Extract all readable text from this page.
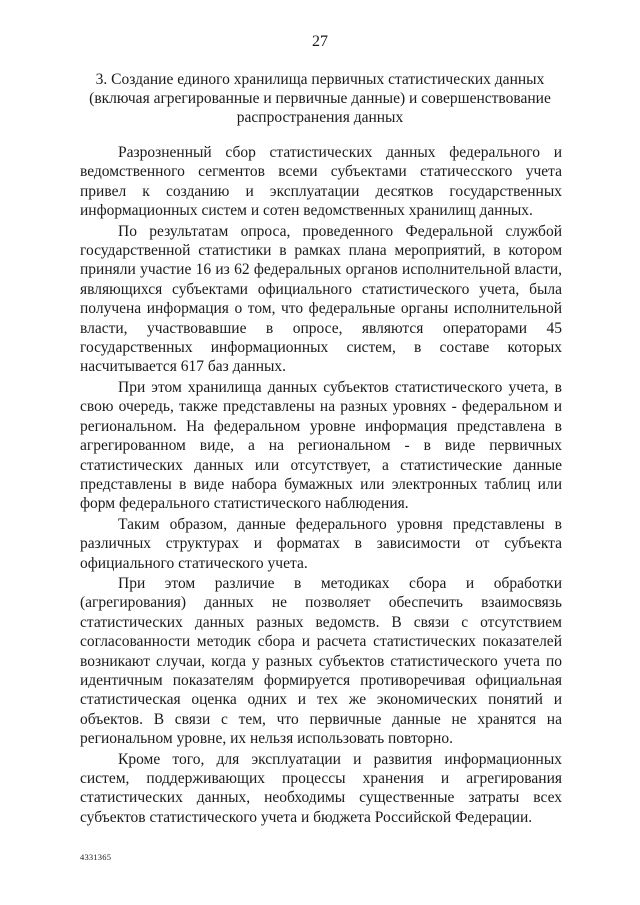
27
3. Создание единого хранилища первичных статистических данных (включая агрегированные и первичные данные) и совершенствование распространения данных

Разрозненный сбор статистических данных федерального и ведомственного сегментов всеми субъектами статичесского учета привел к созданию и эксплуатации десятков государственных информационных систем и сотен ведомственных хранилищ данных.

По результатам опроса, проведенного Федеральной службой государственной статистики в рамках плана мероприятий, в котором приняли участие 16 из 62 федеральных органов исполнительной власти, являющихся субъектами официального статистического учета, была получена информация о том, что федеральные органы исполнительной власти, участвовавшие в опросе, являются операторами 45 государственных информационных систем, в составе которых насчитывается 617 баз данных.

При этом хранилища данных субъектов статистического учета, в свою очередь, также представлены на разных уровнях - федеральном и региональном. На федеральном уровне информация представлена в агрегированном виде, а на региональном - в виде первичных статистических данных или отсутствует, а статистические данные представлены в виде набора бумажных или электронных таблиц или форм федерального статистического наблюдения.

Таким образом, данные федерального уровня представлены в различных структурах и форматах в зависимости от субъекта официального статического учета.

При этом различие в методиках сбора и обработки (агрегирования) данных не позволяет обеспечить взаимосвязь статистических данных разных ведомств. В связи с отсутствием согласованности методик сбора и расчета статистических показателей возникают случаи, когда у разных субъектов статистического учета по идентичным показателям формируется противоречивая официальная статистическая оценка одних и тех же экономических понятий и объектов. В связи с тем, что первичные данные не хранятся на региональном уровне, их нельзя использовать повторно.

Кроме того, для эксплуатации и развития информационных систем, поддерживающих процессы хранения и агрегирования статистических данных, необходимы существенные затраты всех субъектов статистического учета и бюджета Российской Федерации.

4331365
